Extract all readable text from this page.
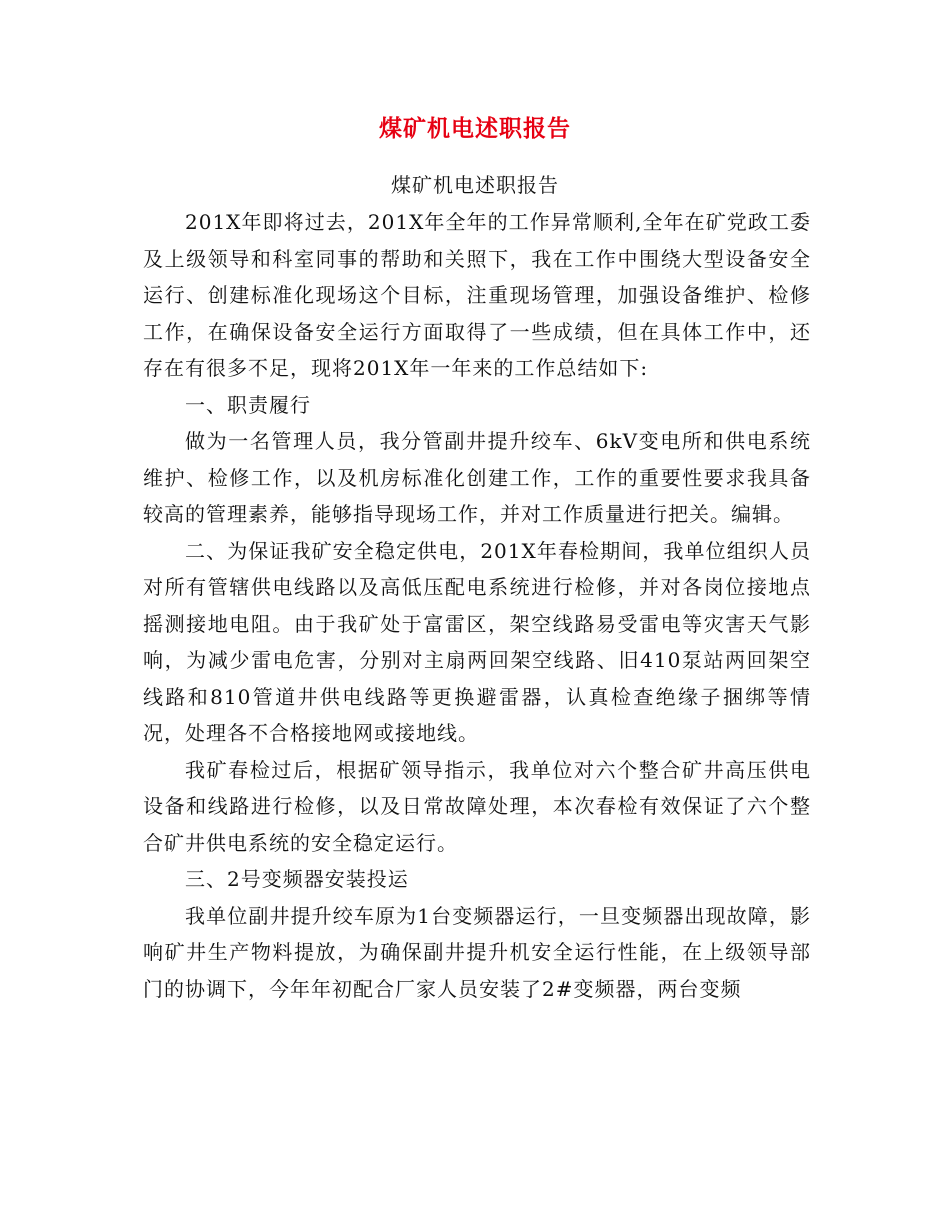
煤矿机电述职报告

煤矿机电述职报告

201X年即将过去，201X年全年的工作异常顺利,全年在矿党政工委及上级领导和科室同事的帮助和关照下，我在工作中围绕大型设备安全运行、创建标准化现场这个目标，注重现场管理，加强设备维护、检修工作，在确保设备安全运行方面取得了一些成绩，但在具体工作中，还存在有很多不足，现将201X年一年来的工作总结如下:

一、职责履行

做为一名管理人员，我分管副井提升绞车、6kV变电所和供电系统维护、检修工作，以及机房标准化创建工作，工作的重要性要求我具备较高的管理素养，能够指导现场工作，并对工作质量进行把关。编辑。

二、为保证我矿安全稳定供电，201X年春检期间，我单位组织人员对所有管辖供电线路以及高低压配电系统进行检修，并对各岗位接地点摇测接地电阻。由于我矿处于富雷区，架空线路易受雷电等灾害天气影响，为减少雷电危害，分别对主扇两回架空线路、旧410泵站两回架空线路和810管道井供电线路等更换避雷器，认真检查绝缘子捆绑等情况，处理各不合格接地网或接地线。

我矿春检过后，根据矿领导指示，我单位对六个整合矿井高压供电设备和线路进行检修，以及日常故障处理，本次春检有效保证了六个整合矿井供电系统的安全稳定运行。

三、2号变频器安装投运

我单位副井提升绞车原为1台变频器运行，一旦变频器出现故障，影响矿井生产物料提放，为确保副井提升机安全运行性能，在上级领导部门的协调下，今年年初配合厂家人员安装了2#变频器，两台变频
